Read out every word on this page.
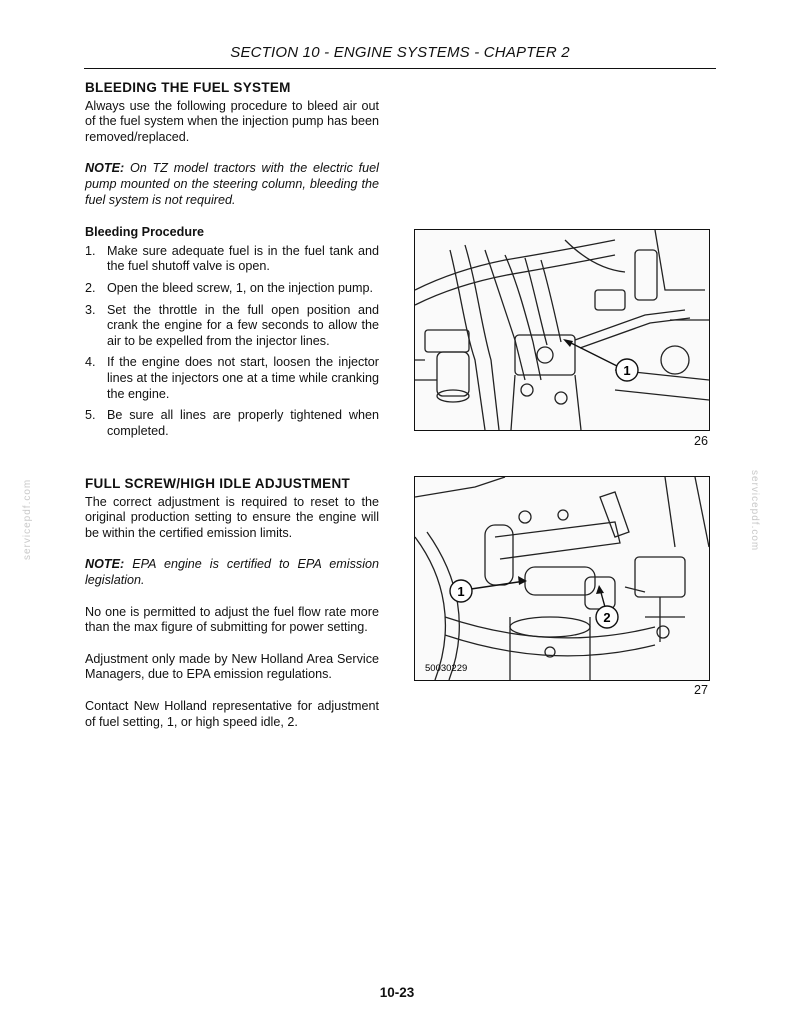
SECTION 10 - ENGINE SYSTEMS - CHAPTER 2
servicepdf.com	servicepdf.com
BLEEDING THE FUEL SYSTEM

Always use the following procedure to bleed air out of the fuel system when the injection pump has been removed/replaced.

NOTE: On TZ model tractors with the electric fuel pump mounted on the steering column, bleeding the fuel system is not required.

Bleeding Procedure
1. Make sure adequate fuel is in the fuel tank and the fuel shutoff valve is open.
2. Open the bleed screw, 1, on the injection pump.
3. Set the throttle in the full open position and crank the engine for a few seconds to allow the air to be expelled from the injector lines.
4. If the engine does not start, loosen the injector lines at the injectors one at a time while cranking the engine.
5. Be sure all lines are properly tightened when completed.
1
26
FULL SCREW/HIGH IDLE ADJUSTMENT

The correct adjustment is required to reset to the original production setting to ensure the engine will be within the certified emission limits.

NOTE: EPA engine is certified to EPA emission legislation.

No one is permitted to adjust the fuel flow rate more than the max figure of submitting for power setting.

Adjustment only made by New Holland Area Service Managers, due to EPA emission regulations.

Contact New Holland representative for adjustment of fuel setting, 1, or high speed idle, 2.

1
2
50030229
27
10-23
